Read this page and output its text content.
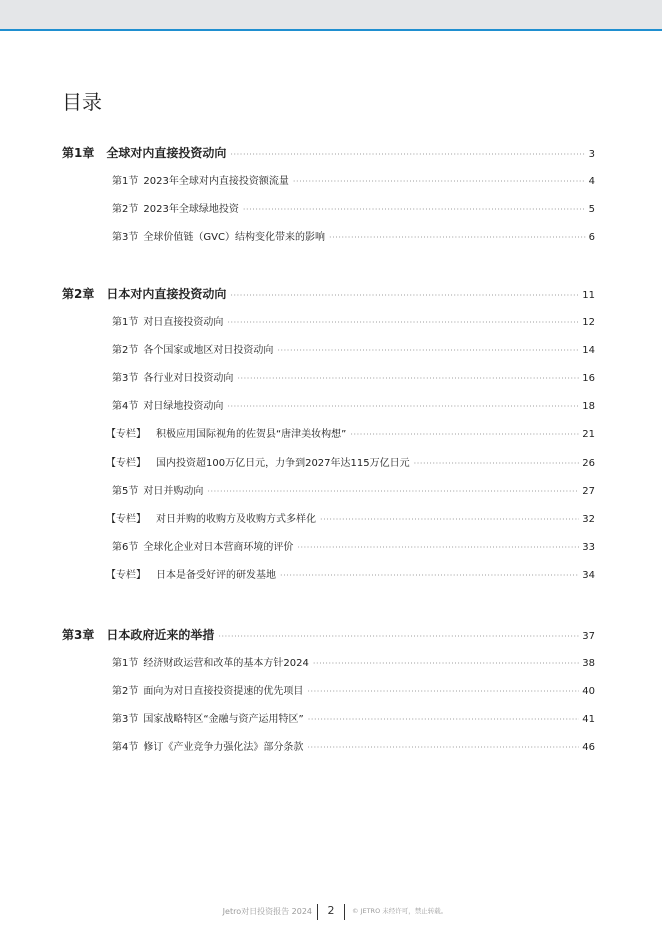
目录
第1章 全球对内直接投资动向 ·····	3
第1节 2023年全球对内直接投资额流量 ·····	4
第2节 2023年全球绿地投资 ·····	5
第3节 全球价值链（GVC）结构变化带来的影响 ·····	6
第2章 日本对内直接投资动向 ·····	11
第1节 对日直接投资动向 ·····	12
第2节 各个国家或地区对日投资动向 ·····	14
第3节 各行业对日投资动向 ·····	16
第4节 对日绿地投资动向 ·····	18
【专栏】 积极应用国际视角的佐贺县“唐津美妆构想” ·····	21
【专栏】 国内投资超100万亿日元，力争到2027年达115万亿日元 ·····	26
第5节 对日并购动向 ·····	27
【专栏】 对日并购的收购方及收购方式多样化 ·····	32
第6节 全球化企业对日本营商环境的评价 ·····	33
【专栏】 日本是备受好评的研发基地 ·····	34
第3章 日本政府近来的举措 ·····	37
第1节 经济财政运营和改革的基本方针2024 ·····	38
第2节 面向为对日直接投资提速的优先项目 ·····	40
第3节 国家战略特区“金融与资产运用特区” ·····	41
第4节 修订《产业竞争力强化法》部分条款 ·····	46
Jetro对日投资报告 2024	2	© JETRO 未经许可，禁止转载。
